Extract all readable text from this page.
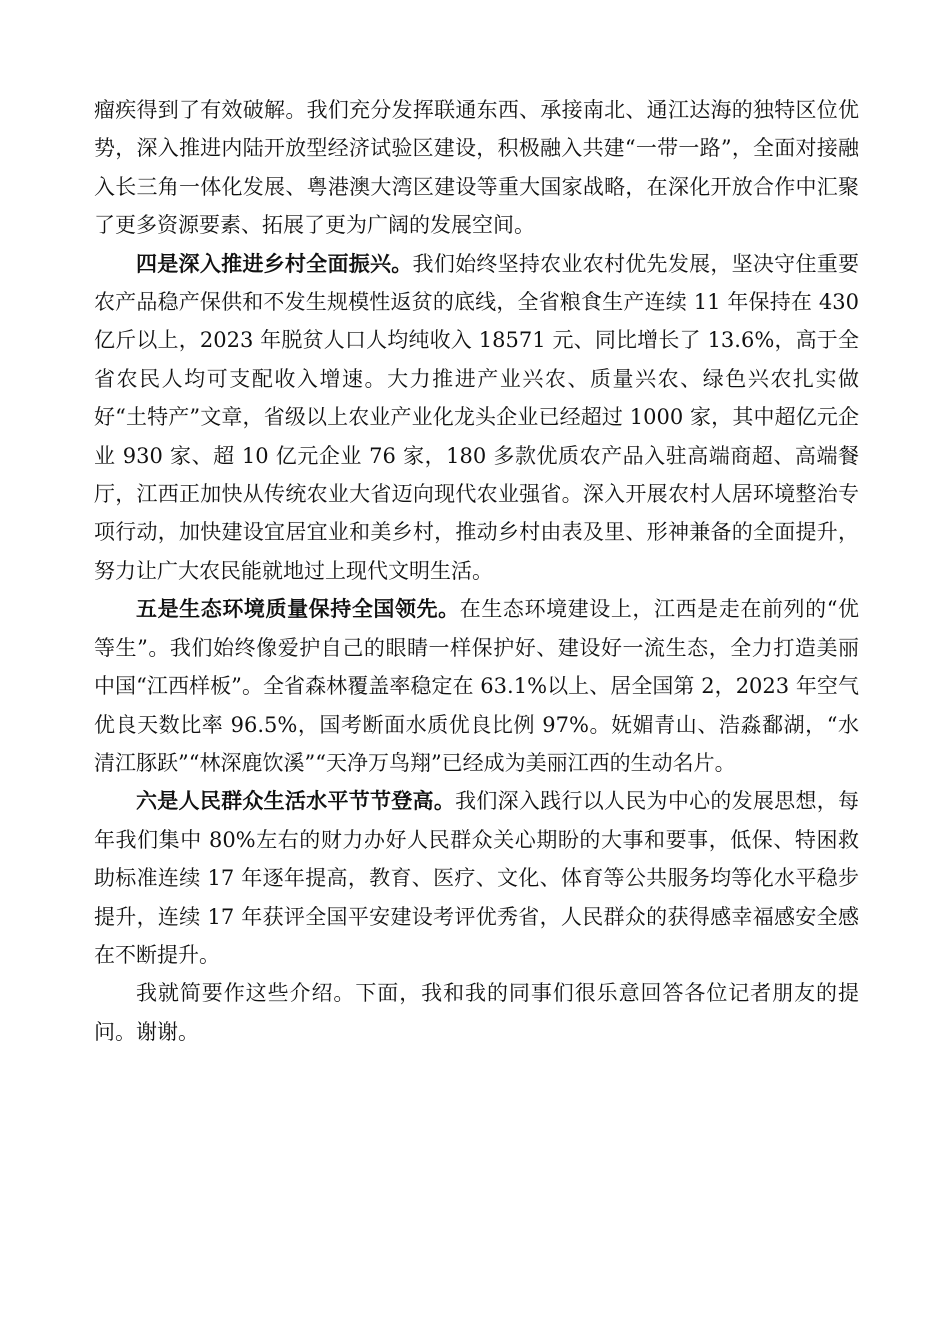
瘤疾得到了有效破解。我们充分发挥联通东西、承接南北、通江达海的独特区位优势，深入推进内陆开放型经济试验区建设，积极融入共建“一带一路”，全面对接融入长三角一体化发展、粤港澳大湾区建设等重大国家战略，在深化开放合作中汇聚了更多资源要素、拓展了更为广阔的发展空间。

四是深入推进乡村全面振兴。我们始终坚持农业农村优先发展，坚决守住重要农产品稳产保供和不发生规模性返贫的底线，全省粮食生产连续 11 年保持在 430 亿斤以上，2023 年脱贫人口人均纯收入 18571 元、同比增长了 13.6%，高于全省农民人均可支配收入增速。大力推进产业兴农、质量兴农、绿色兴农扎实做好“土特产”文章，省级以上农业产业化龙头企业已经超过 1000 家，其中超亿元企业 930 家、超 10 亿元企业 76 家，180 多款优质农产品入驻高端商超、高端餐厅，江西正加快从传统农业大省迈向现代农业强省。深入开展农村人居环境整治专项行动，加快建设宜居宜业和美乡村，推动乡村由表及里、形神兼备的全面提升，努力让广大农民能就地过上现代文明生活。

五是生态环境质量保持全国领先。在生态环境建设上，江西是走在前列的“优等生”。我们始终像爱护自己的眼睛一样保护好、建设好一流生态，全力打造美丽中国“江西样板”。全省森林覆盖率稳定在 63.1%以上、居全国第 2，2023 年空气优良天数比率 96.5%，国考断面水质优良比例 97%。妩媚青山、浩淼鄱湖，“水清江豚跃”“林深鹿饮溪”“天净万鸟翔”已经成为美丽江西的生动名片。

六是人民群众生活水平节节登高。我们深入践行以人民为中心的发展思想，每年我们集中 80%左右的财力办好人民群众关心期盼的大事和要事，低保、特困救助标准连续 17 年逐年提高，教育、医疗、文化、体育等公共服务均等化水平稳步提升，连续 17 年获评全国平安建设考评优秀省，人民群众的获得感幸福感安全感在不断提升。

我就简要作这些介绍。下面，我和我的同事们很乐意回答各位记者朋友的提问。谢谢。
